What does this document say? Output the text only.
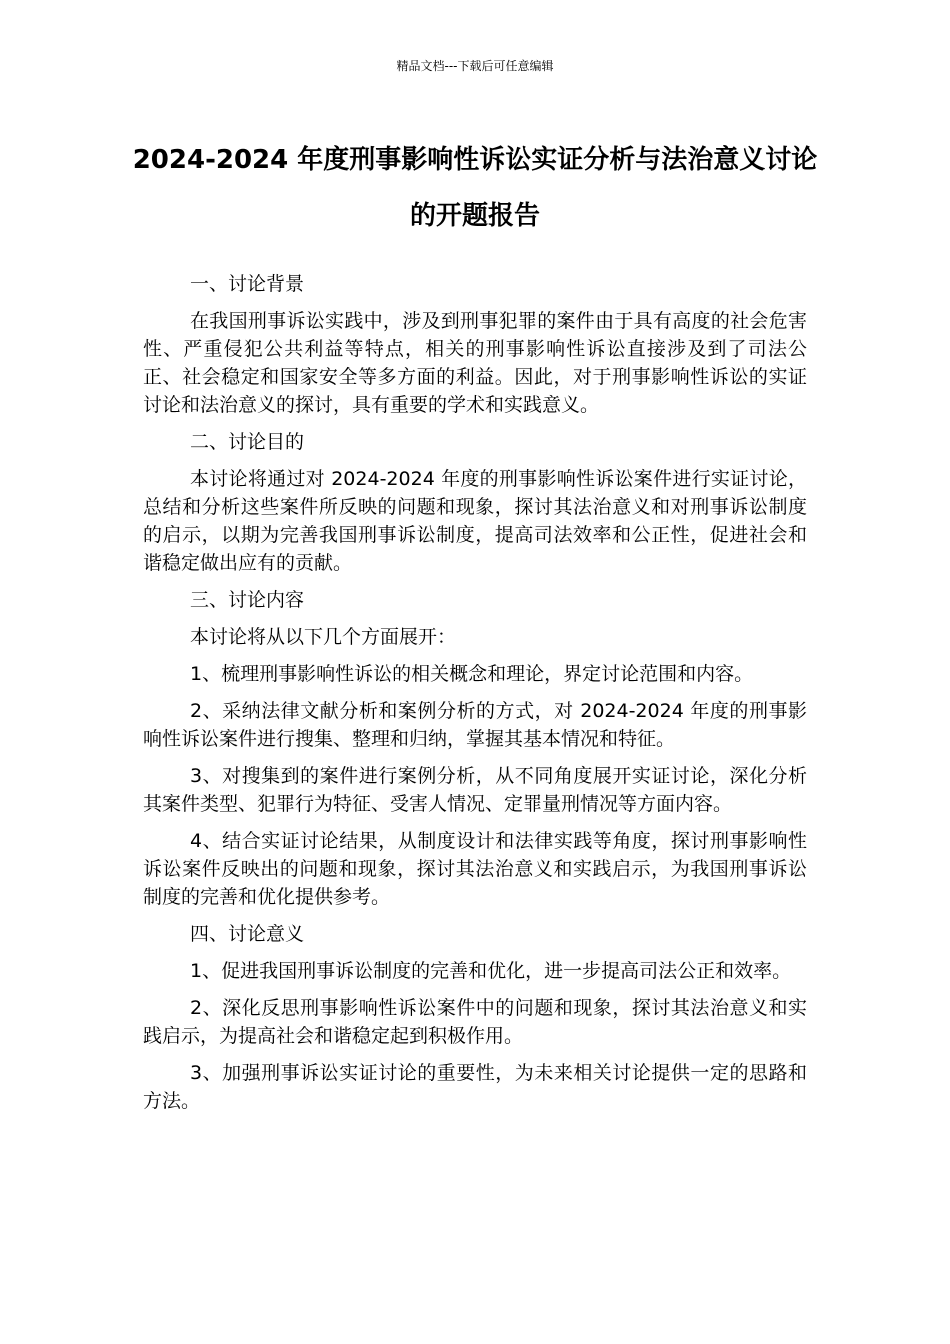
精品文档---下载后可任意编辑
2024-2024 年度刑事影响性诉讼实证分析与法治意义讨论的开题报告

一、讨论背景

在我国刑事诉讼实践中，涉及到刑事犯罪的案件由于具有高度的社会危害性、严重侵犯公共利益等特点，相关的刑事影响性诉讼直接涉及到了司法公正、社会稳定和国家安全等多方面的利益。因此，对于刑事影响性诉讼的实证讨论和法治意义的探讨，具有重要的学术和实践意义。

二、讨论目的

本讨论将通过对 2024-2024 年度的刑事影响性诉讼案件进行实证讨论，总结和分析这些案件所反映的问题和现象，探讨其法治意义和对刑事诉讼制度的启示，以期为完善我国刑事诉讼制度，提高司法效率和公正性，促进社会和谐稳定做出应有的贡献。

三、讨论内容

本讨论将从以下几个方面展开：

1、梳理刑事影响性诉讼的相关概念和理论，界定讨论范围和内容。

2、采纳法律文献分析和案例分析的方式，对 2024-2024 年度的刑事影响性诉讼案件进行搜集、整理和归纳，掌握其基本情况和特征。

3、对搜集到的案件进行案例分析，从不同角度展开实证讨论，深化分析其案件类型、犯罪行为特征、受害人情况、定罪量刑情况等方面内容。

4、结合实证讨论结果，从制度设计和法律实践等角度，探讨刑事影响性诉讼案件反映出的问题和现象，探讨其法治意义和实践启示，为我国刑事诉讼制度的完善和优化提供参考。

四、讨论意义

1、促进我国刑事诉讼制度的完善和优化，进一步提高司法公正和效率。

2、深化反思刑事影响性诉讼案件中的问题和现象，探讨其法治意义和实践启示，为提高社会和谐稳定起到积极作用。

3、加强刑事诉讼实证讨论的重要性，为未来相关讨论提供一定的思路和方法。
